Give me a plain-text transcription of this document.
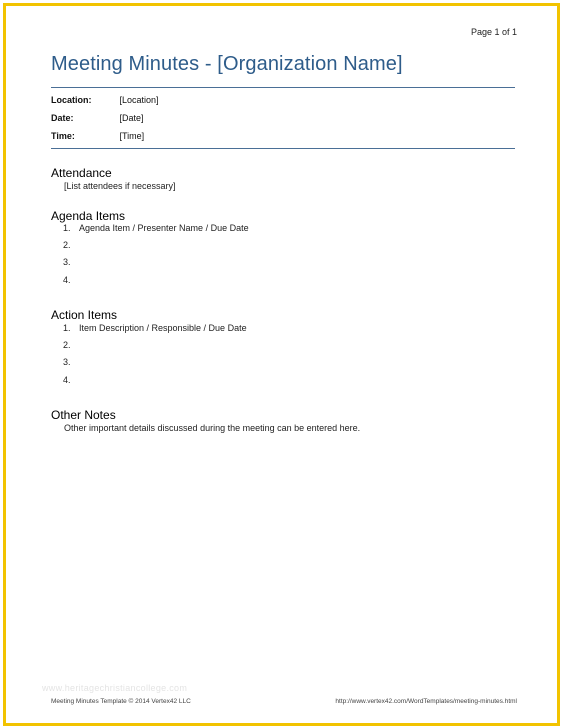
Page 1 of 1
Meeting Minutes - [Organization Name]
Location:	[Location]
Date:	[Date]
Time:	[Time]
Attendance
[List attendees if necessary]
Agenda Items
1. Agenda Item / Presenter Name / Due Date
2.
3.
4.
Action Items
1. Item Description / Responsible / Due Date
2.
3.
4.
Other Notes
Other important details discussed during the meeting can be entered here.
www.heritagechristiancollege.com
Meeting Minutes Template © 2014 Vertex42 LLC	http://www.vertex42.com/WordTemplates/meeting-minutes.html
